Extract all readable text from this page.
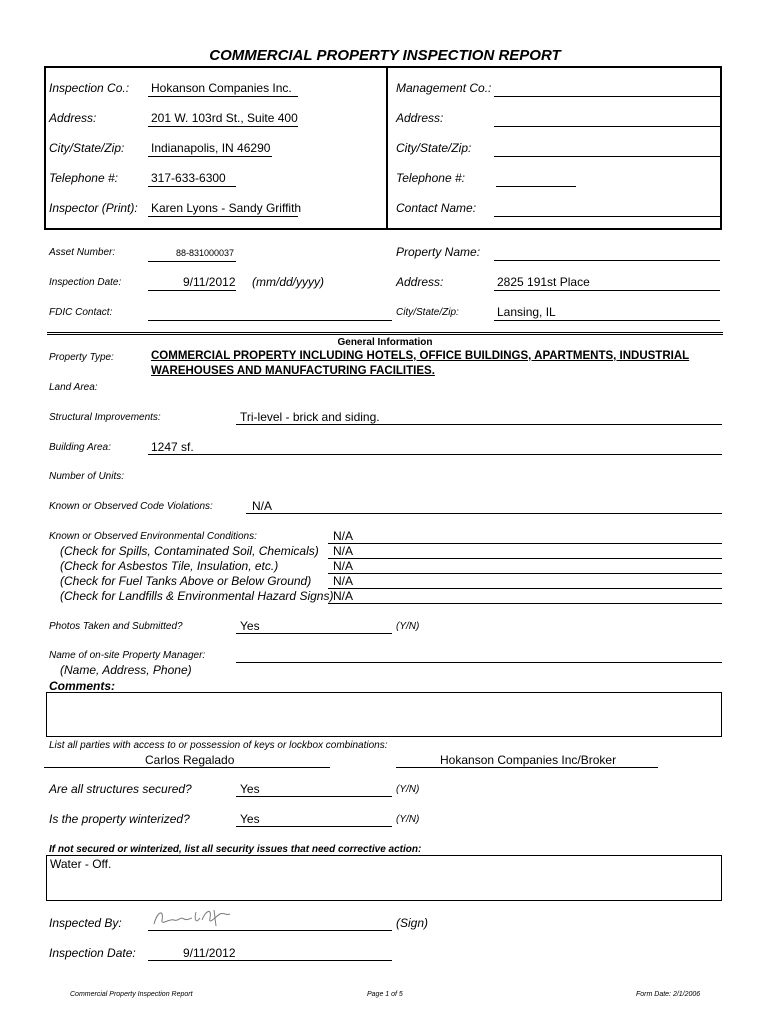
COMMERCIAL PROPERTY INSPECTION REPORT
Inspection Co.: Hokanson Companies Inc.
Address:	201 W. 103rd St., Suite 400
City/State/Zip: Indianapolis, IN 46290
Telephone #:	317-633-6300
Inspector (Print): Karen Lyons - Sandy Griffith
Management Co.:
Address:
City/State/Zip:
Telephone #:
Contact Name:
Asset Number:	88-831000037
Inspection Date:	9/11/2012 (mm/dd/yyyy)
FDIC Contact:
Property Name:
Address:	2825 191st Place
City/State/Zip:	Lansing, IL
General Information
Property Type:	COMMERCIAL PROPERTY INCLUDING HOTELS, OFFICE BUILDINGS, APARTMENTS, INDUSTRIAL
WAREHOUSES AND MANUFACTURING FACILITIES.
Land Area:
Structural Improvements:	Tri-level - brick and siding.
Building Area:	1247 sf.
Number of Units:
Known or Observed Code Violations:	N/A
Known or Observed Environmental Conditions:	N/A
(Check for Spills, Contaminated Soil, Chemicals) N/A
(Check for Asbestos Tile, Insulation, etc.)	N/A
(Check for Fuel Tanks Above or Below Ground) N/A
(Check for Landfills & Environmental Hazard Signs) N/A
Photos Taken and Submitted?	Yes	(Y/N)
Name of on-site Property Manager:
(Name, Address, Phone)
Comments:
List all parties with access to or possession of keys or lockbox combinations:
Carlos Regalado	Hokanson Companies Inc/Broker
Are all structures secured?	Yes	(Y/N)
Is the property winterized?	Yes	(Y/N)
If not secured or winterized, list all security issues that need corrective action:
Water - Off.
Inspected By:	(Sign)
Inspection Date:	9/11/2012
Commercial Property Inspection Report	Page 1 of 5	Form Date: 2/1/2006
